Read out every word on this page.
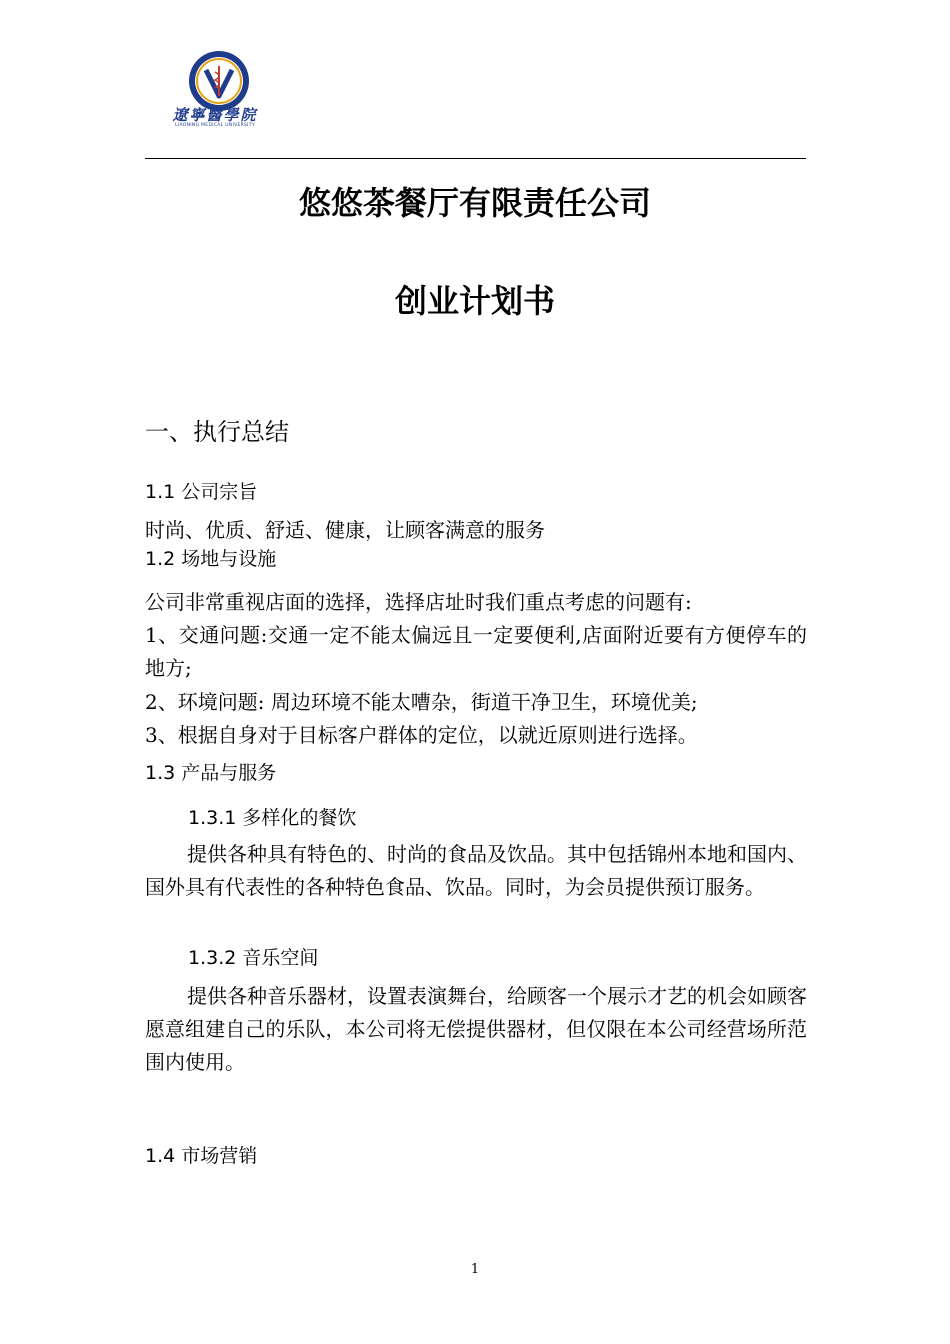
遼寧醫學院
LIAONING MEDICAL UNIVERSITY
悠悠茶餐厅有限责任公司
创业计划书
一、执行总结
1.1 公司宗旨
时尚、优质、舒适、健康，让顾客满意的服务
1.2 场地与设施
公司非常重视店面的选择，选择店址时我们重点考虑的问题有:
1、交通问题:交通一定不能太偏远且一定要便利,店面附近要有方便停车的地方;
2、环境问题: 周边环境不能太嘈杂，街道干净卫生，环境优美;
3、根据自身对于目标客户群体的定位，以就近原则进行选择。
1.3 产品与服务
1.3.1 多样化的餐饮
提供各种具有特色的、时尚的食品及饮品。其中包括锦州本地和国内、国外具有代表性的各种特色食品、饮品。同时，为会员提供预订服务。
1.3.2 音乐空间
提供各种音乐器材，设置表演舞台，给顾客一个展示才艺的机会如顾客愿意组建自己的乐队，本公司将无偿提供器材，但仅限在本公司经营场所范围内使用。
1.4 市场营销
1
